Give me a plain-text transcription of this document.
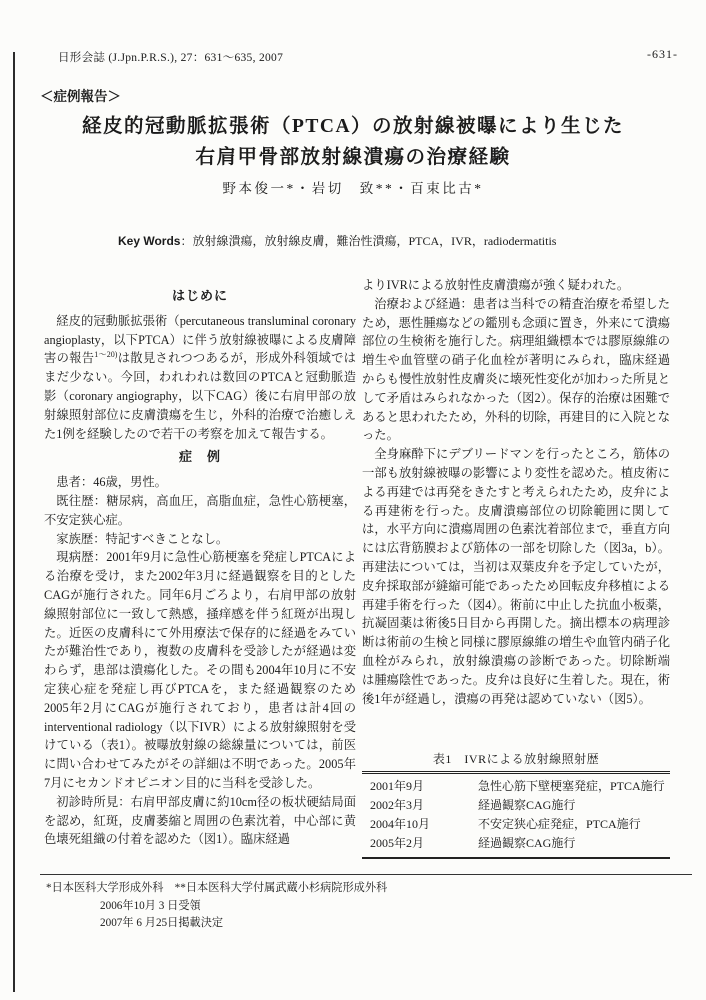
日形会誌 (J.Jpn.P.R.S.), 27：631～635, 2007	-631-
＜症例報告＞
経皮的冠動脈拡張術（PTCA）の放射線被曝により生じた
右肩甲骨部放射線潰瘍の治療経験
野本俊一*・岩切　致**・百束比古*
Key Words：放射線潰瘍，放射線皮膚，難治性潰瘍，PTCA，IVR，radiodermatitis
はじめに

経皮的冠動脈拡張術（percutaneous transluminal coronary angioplasty，以下PTCA）に伴う放射線被曝による皮膚障害の報告$^{1\sim 20)}$は散見されつつあるが，形成外科領域ではまだ少ない。今回，われわれは数回のPTCAと冠動脈造影（coronary angiography，以下CAG）後に右肩甲部の放射線照射部位に皮膚潰瘍を生じ，外科的治療で治癒しえた1例を経験したので若干の考察を加えて報告する。

症　例

患者：46歳，男性。

既往歴：糖尿病，高血圧，高脂血症，急性心筋梗塞，不安定狭心症。

家族歴：特記すべきことなし。

現病歴：2001年9月に急性心筋梗塞を発症しPTCAによる治療を受け，また2002年3月に経過観察を目的としたCAGが施行された。同年6月ごろより，右肩甲部の放射線照射部位に一致して熱感，掻痒感を伴う紅斑が出現した。近医の皮膚科にて外用療法で保存的に経過をみていたが難治性であり，複数の皮膚科を受診したが経過は変わらず，患部は潰瘍化した。その間も2004年10月に不安定狭心症を発症し再びPTCAを，また経過観察のため2005年2月にCAGが施行されており，患者は計4回のinterventional radiology（以下IVR）による放射線照射を受けている（表1）。被曝放射線の総線量については，前医に問い合わせてみたがその詳細は不明であった。2005年7月にセカンドオピニオン目的に当科を受診した。

初診時所見：右肩甲部皮膚に約10cm径の板状硬結局面を認め，紅斑，皮膚萎縮と周囲の色素沈着，中心部に黄色壊死組織の付着を認めた（図1）。臨床経過

よりIVRによる放射性皮膚潰瘍が強く疑われた。

治療および経過：患者は当科での精査治療を希望したため，悪性腫瘍などの鑑別も念頭に置き，外来にて潰瘍部位の生検術を施行した。病理組織標本では膠原線維の増生や血管壁の硝子化血栓が著明にみられ，臨床経過からも慢性放射性皮膚炎に壊死性変化が加わった所見として矛盾はみられなかった（図2）。保存的治療は困難であると思われたため，外科的切除，再建目的に入院となった。

全身麻酔下にデブリードマンを行ったところ，筋体の一部も放射線被曝の影響により変性を認めた。植皮術による再建では再発をきたすと考えられたため，皮弁による再建術を行った。皮膚潰瘍部位の切除範囲に関しては，水平方向に潰瘍周囲の色素沈着部位まで，垂直方向には広背筋膜および筋体の一部を切除した（図3a，b）。再建法については，当初は双葉皮弁を予定していたが，皮弁採取部が縫縮可能であったため回転皮弁移植による再建手術を行った（図4）。術前に中止した抗血小板薬，抗凝固薬は術後5日目から再開した。摘出標本の病理診断は術前の生検と同様に膠原線維の増生や血管内硝子化血栓がみられ，放射線潰瘍の診断であった。切除断端は腫瘍陰性であった。皮弁は良好に生着した。現在，術後1年が経過し，潰瘍の再発は認めていない（図5）。

表1　IVRによる放射線照射歴
2001年9月	急性心筋下壁梗塞発症，PTCA施行
2002年3月	経過観察CAG施行
2004年10月	不安定狭心症発症，PTCA施行
2005年2月	経過観察CAG施行
*日本医科大学形成外科　**日本医科大学付属武蔵小杉病院形成外科
2006年10月 3 日受領
2007年 6 月25日掲載決定
